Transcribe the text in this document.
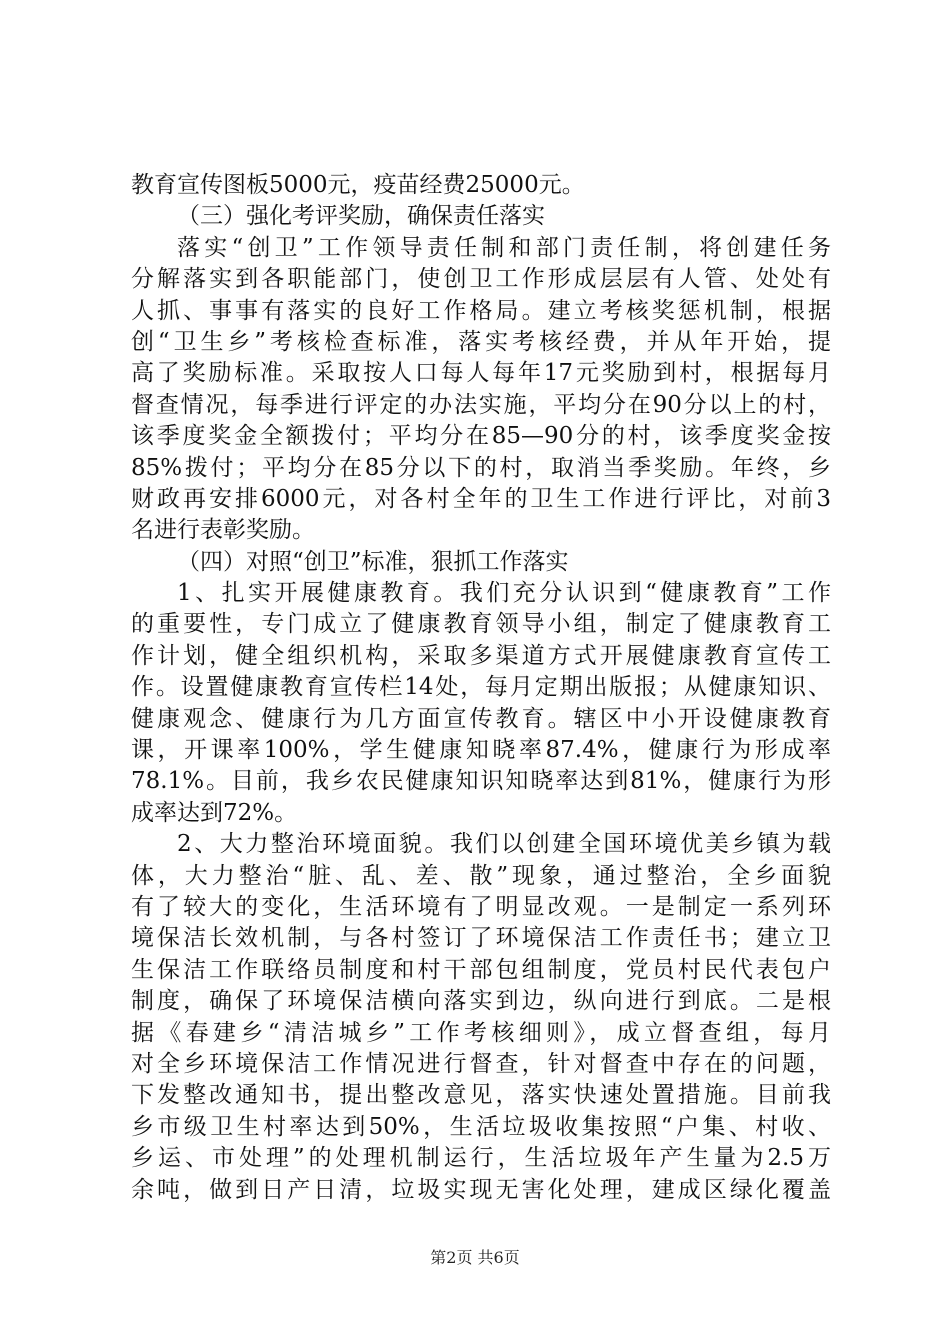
教育宣传图板5000元，疫苗经费25000元。
（三）强化考评奖励，确保责任落实
落实“创卫”工作领导责任制和部门责任制，将创建任务
分解落实到各职能部门，使创卫工作形成层层有人管、处处有
人抓、事事有落实的良好工作格局。建立考核奖惩机制，根据
创“卫生乡”考核检查标准，落实考核经费，并从年开始，提
高了奖励标准。采取按人口每人每年17元奖励到村，根据每月
督查情况，每季进行评定的办法实施，平均分在90分以上的村，
该季度奖金全额拨付；平均分在85—90分的村，该季度奖金按
85%拨付；平均分在85分以下的村，取消当季奖励。年终，乡
财政再安排6000元，对各村全年的卫生工作进行评比，对前3
名进行表彰奖励。
（四）对照“创卫”标准，狠抓工作落实
1、扎实开展健康教育。我们充分认识到“健康教育”工作
的重要性，专门成立了健康教育领导小组，制定了健康教育工
作计划，健全组织机构，采取多渠道方式开展健康教育宣传工
作。设置健康教育宣传栏14处，每月定期出版报；从健康知识、
健康观念、健康行为几方面宣传教育。辖区中小开设健康教育
课，开课率100%，学生健康知晓率87.4%，健康行为形成率
78.1%。目前，我乡农民健康知识知晓率达到81%，健康行为形
成率达到72%。
2、大力整治环境面貌。我们以创建全国环境优美乡镇为载
体，大力整治“脏、乱、差、散”现象，通过整治，全乡面貌
有了较大的变化，生活环境有了明显改观。一是制定一系列环
境保洁长效机制，与各村签订了环境保洁工作责任书；建立卫
生保洁工作联络员制度和村干部包组制度，党员村民代表包户
制度，确保了环境保洁横向落实到边，纵向进行到底。二是根
据《春建乡“清洁城乡”工作考核细则》，成立督查组，每月
对全乡环境保洁工作情况进行督查，针对督查中存在的问题，
下发整改通知书，提出整改意见，落实快速处置措施。目前我
乡市级卫生村率达到50%，生活垃圾收集按照“户集、村收、
乡运、市处理”的处理机制运行，生活垃圾年产生量为2.5万
余吨，做到日产日清，垃圾实现无害化处理，建成区绿化覆盖
第2页 共6页
